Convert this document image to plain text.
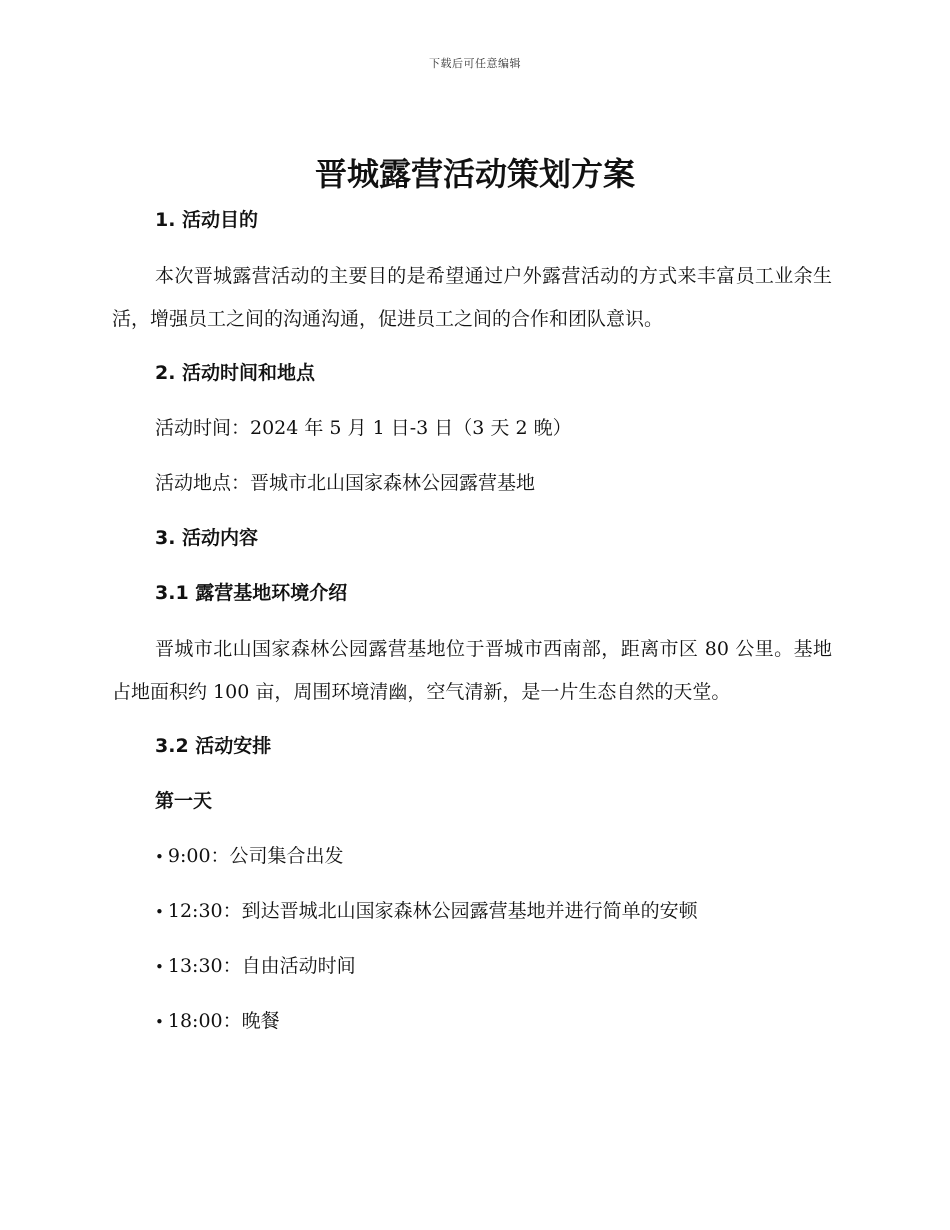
下载后可任意编辑
晋城露营活动策划方案
1. 活动目的

本次晋城露营活动的主要目的是希望通过户外露营活动的方式来丰富员工业余生活，增强员工之间的沟通沟通，促进员工之间的合作和团队意识。

2. 活动时间和地点
活动时间：2024 年 5 月 1 日-3 日（3 天 2 晚）
活动地点：晋城市北山国家森林公园露营基地
3. 活动内容
3.1 露营基地环境介绍

晋城市北山国家森林公园露营基地位于晋城市西南部，距离市区 80 公里。基地占地面积约 100 亩，周围环境清幽，空气清新，是一片生态自然的天堂。

3.2 活动安排
第一天
• 9:00：公司集合出发
• 12:30：到达晋城北山国家森林公园露营基地并进行简单的安顿
• 13:30：自由活动时间
• 18:00：晚餐
